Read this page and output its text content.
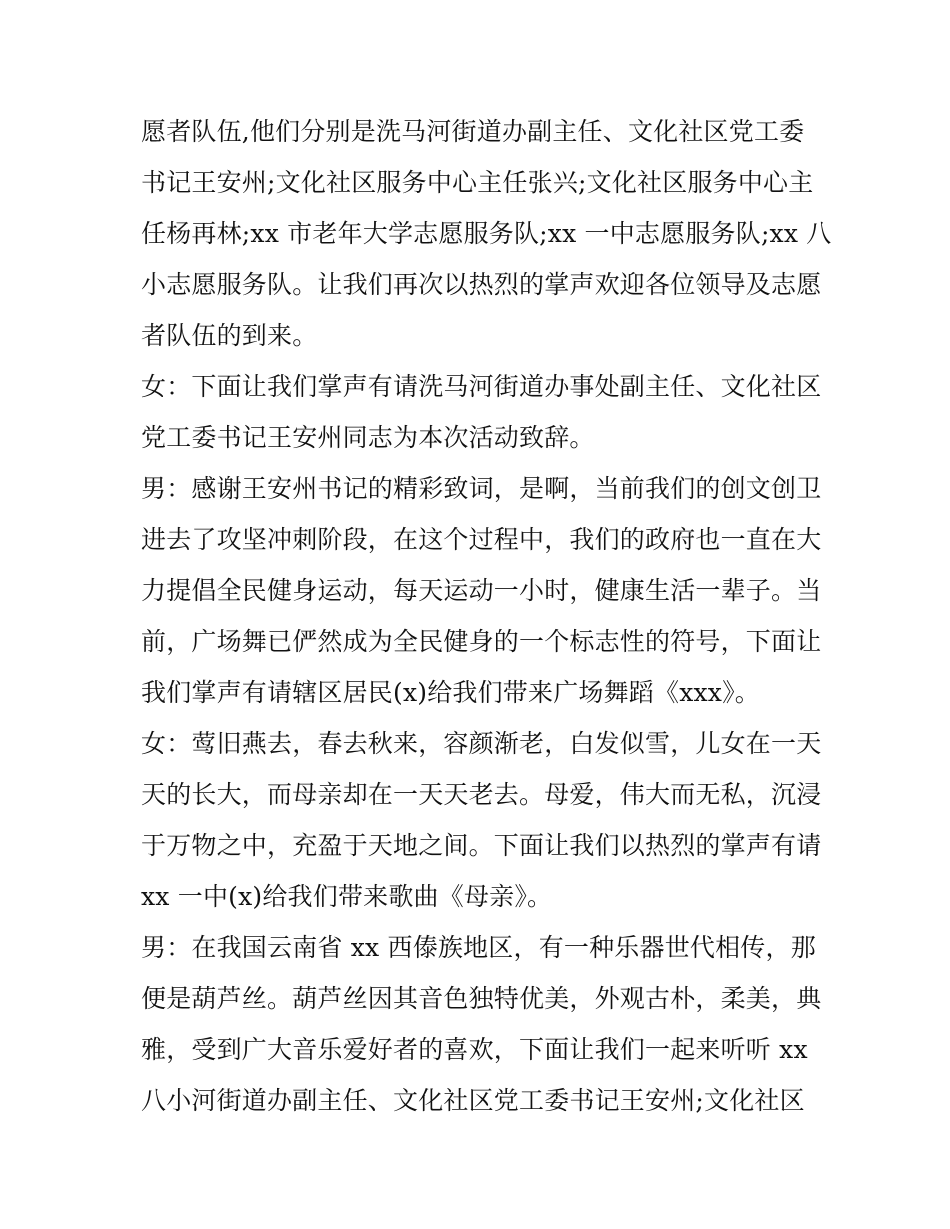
愿者队伍,他们分别是洗马河街道办副主任、文化社区党工委
书记王安州;文化社区服务中心主任张兴;文化社区服务中心主
任杨再林;xx 市老年大学志愿服务队;xx 一中志愿服务队;xx 八
小志愿服务队。让我们再次以热烈的掌声欢迎各位领导及志愿
者队伍的到来。
女：下面让我们掌声有请洗马河街道办事处副主任、文化社区
党工委书记王安州同志为本次活动致辞。
男：感谢王安州书记的精彩致词，是啊，当前我们的创文创卫
进去了攻坚冲刺阶段，在这个过程中，我们的政府也一直在大
力提倡全民健身运动，每天运动一小时，健康生活一辈子。当
前，广场舞已俨然成为全民健身的一个标志性的符号，下面让
我们掌声有请辖区居民(x)给我们带来广场舞蹈《xxx》。
女：莺旧燕去，春去秋来，容颜渐老，白发似雪，儿女在一天
天的长大，而母亲却在一天天老去。母爱，伟大而无私，沉浸
于万物之中，充盈于天地之间。下面让我们以热烈的掌声有请
xx 一中(x)给我们带来歌曲《母亲》。
男：在我国云南省 xx 西傣族地区，有一种乐器世代相传，那
便是葫芦丝。葫芦丝因其音色独特优美，外观古朴，柔美，典
雅，受到广大音乐爱好者的喜欢，下面让我们一起来听听 xx
八小河街道办副主任、文化社区党工委书记王安州;文化社区
